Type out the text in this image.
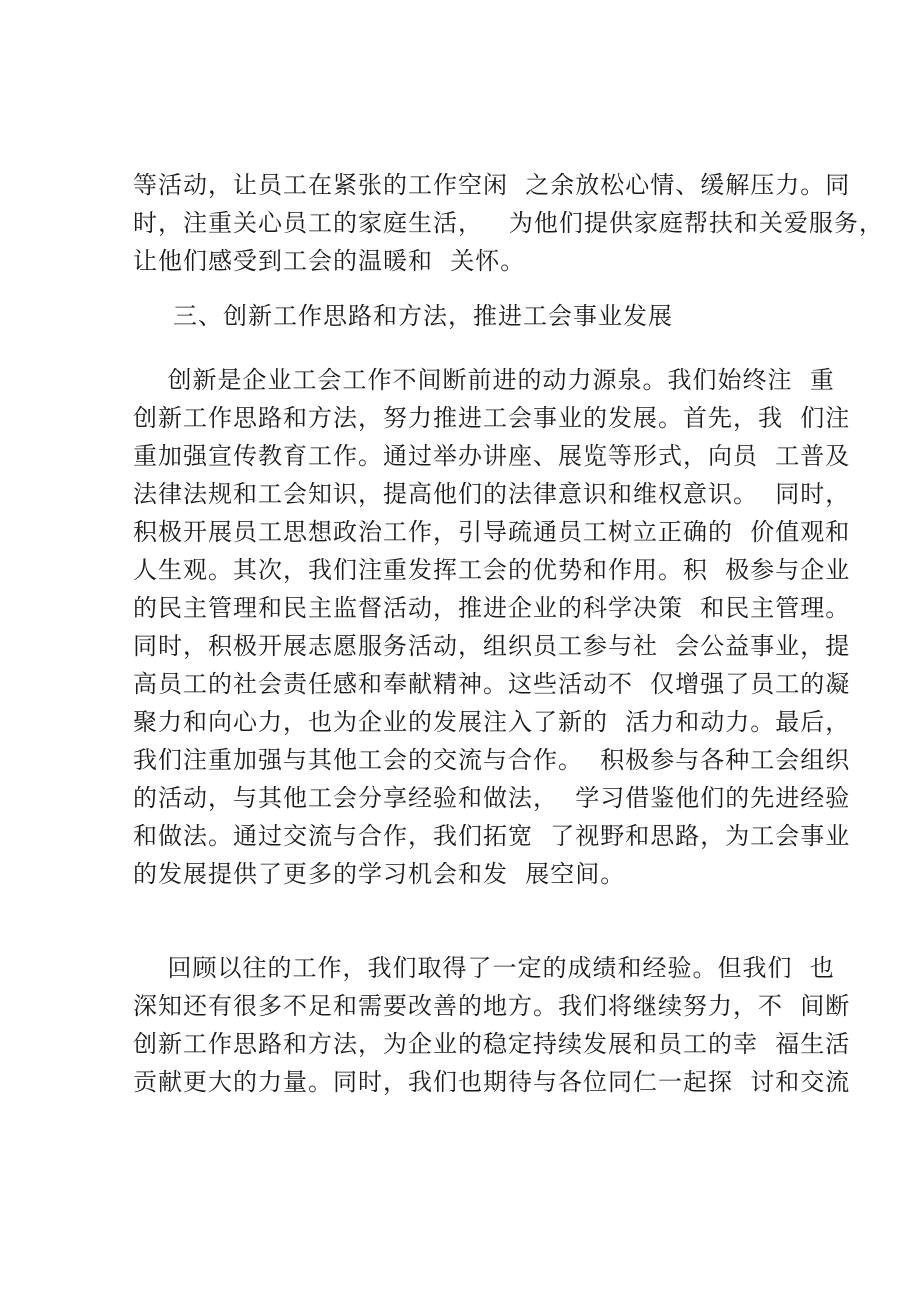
等活动，让员工在紧张的工作空闲  之余放松心情、缓解压力。同
时，注重关心员工的家庭生活，   为他们提供家庭帮扶和关爱服务，
让他们感受到工会的温暖和  关怀。
三、创新工作思路和方法，推进工会事业发展
创新是企业工会工作不间断前进的动力源泉。我们始终注  重
创新工作思路和方法，努力推进工会事业的发展。首先，我  们注
重加强宣传教育工作。通过举办讲座、展览等形式，向员  工普及
法律法规和工会知识，提高他们的法律意识和维权意识。  同时，
积极开展员工思想政治工作，引导疏通员工树立正确的  价值观和
人生观。其次，我们注重发挥工会的优势和作用。积  极参与企业
的民主管理和民主监督活动，推进企业的科学决策  和民主管理。
同时，积极开展志愿服务活动，组织员工参与社  会公益事业，提
高员工的社会责任感和奉献精神。这些活动不  仅增强了员工的凝
聚力和向心力，也为企业的发展注入了新的  活力和动力。最后，
我们注重加强与其他工会的交流与合作。  积极参与各种工会组织
的活动，与其他工会分享经验和做法，  学习借鉴他们的先进经验
和做法。通过交流与合作，我们拓宽  了视野和思路，为工会事业
的发展提供了更多的学习机会和发  展空间。
回顾以往的工作，我们取得了一定的成绩和经验。但我们  也
深知还有很多不足和需要改善的地方。我们将继续努力，不  间断
创新工作思路和方法，为企业的稳定持续发展和员工的幸  福生活
贡献更大的力量。同时，我们也期待与各位同仁一起探  讨和交流
